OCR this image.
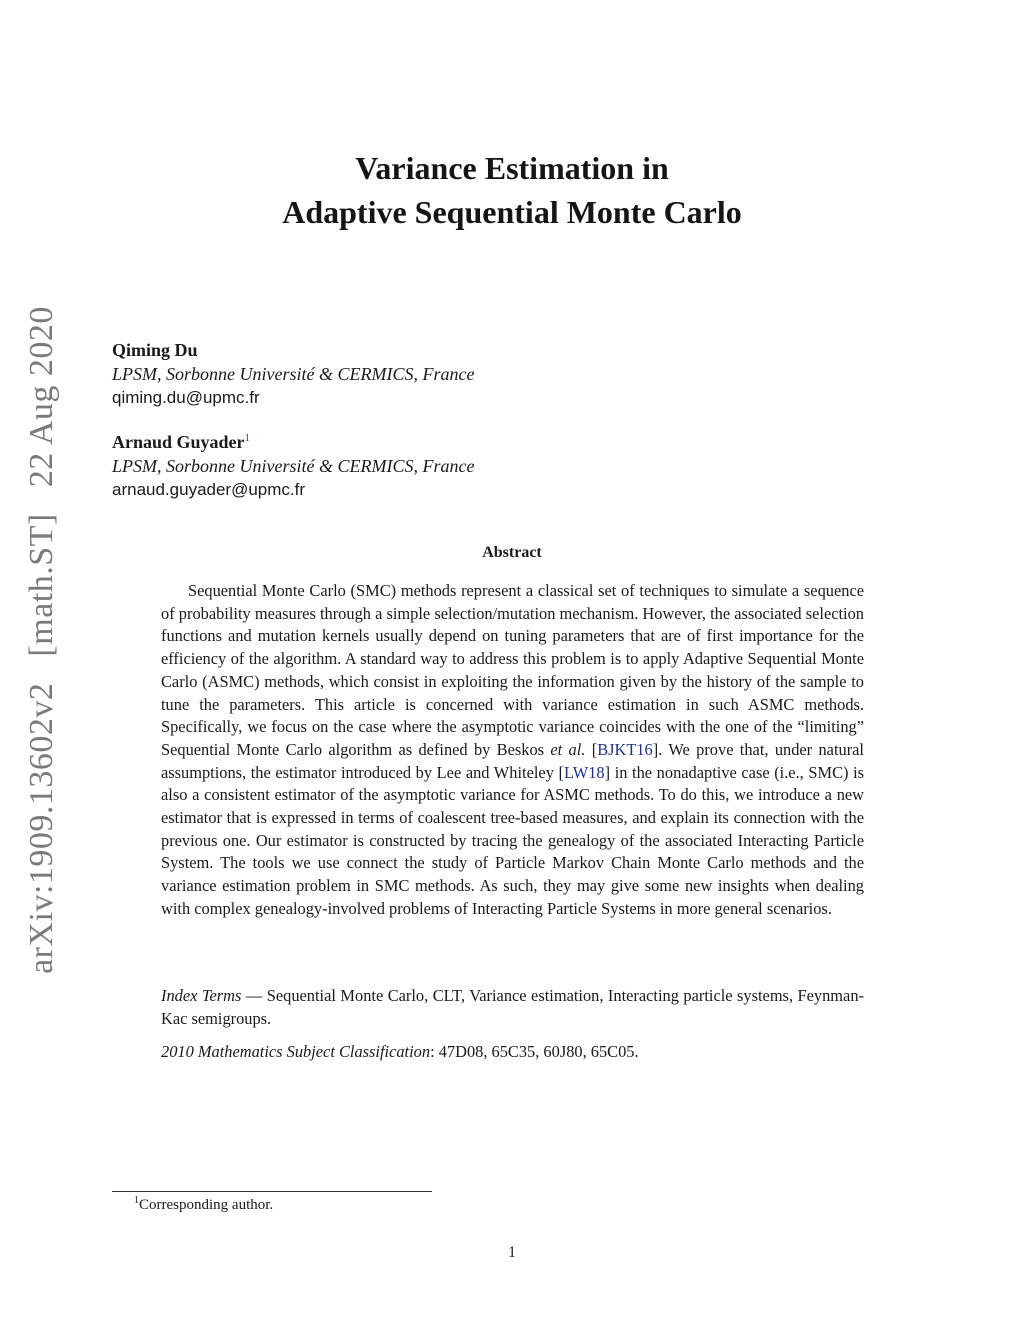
arXiv:1909.13602v2[math.ST]22 Aug 2020
Variance Estimation in
Adaptive Sequential Monte Carlo
Qiming Du
LPSM, Sorbonne Université & CERMICS, France
qiming.du@upmc.fr
Arnaud Guyader$^1$
LPSM, Sorbonne Université & CERMICS, France
arnaud.guyader@upmc.fr
Abstract

Sequential Monte Carlo (SMC) methods represent a classical set of techniques to simulate a sequence of probability measures through a simple selection/mutation mechanism. However, the associated selection functions and mutation kernels usually depend on tuning parameters that are of first importance for the efficiency of the algorithm. A standard way to address this problem is to apply Adaptive Sequential Monte Carlo (ASMC) methods, which consist in exploiting the information given by the history of the sample to tune the parameters. This article is concerned with variance estimation in such ASMC methods. Specifically, we focus on the case where the asymptotic variance coincides with the one of the “limiting” Sequential Monte Carlo algorithm as defined by Beskos et al. [BJKT16]. We prove that, under natural assumptions, the estimator introduced by Lee and Whiteley [LW18] in the nonadaptive case (i.e., SMC) is also a consistent estimator of the asymptotic variance for ASMC methods. To do this, we introduce a new estimator that is expressed in terms of coalescent tree-based measures, and explain its connection with the previous one. Our estimator is constructed by tracing the genealogy of the associated Interacting Particle System. The tools we use connect the study of Particle Markov Chain Monte Carlo methods and the variance estimation problem in SMC methods. As such, they may give some new insights when dealing with complex genealogy-involved problems of Interacting Particle Systems in more general scenarios.

Index Terms — Sequential Monte Carlo, CLT, Variance estimation, Interacting particle systems, Feynman-Kac semigroups.

2010 Mathematics Subject Classification: 47D08, 65C35, 60J80, 65C05.

$^1$Corresponding author.
1
